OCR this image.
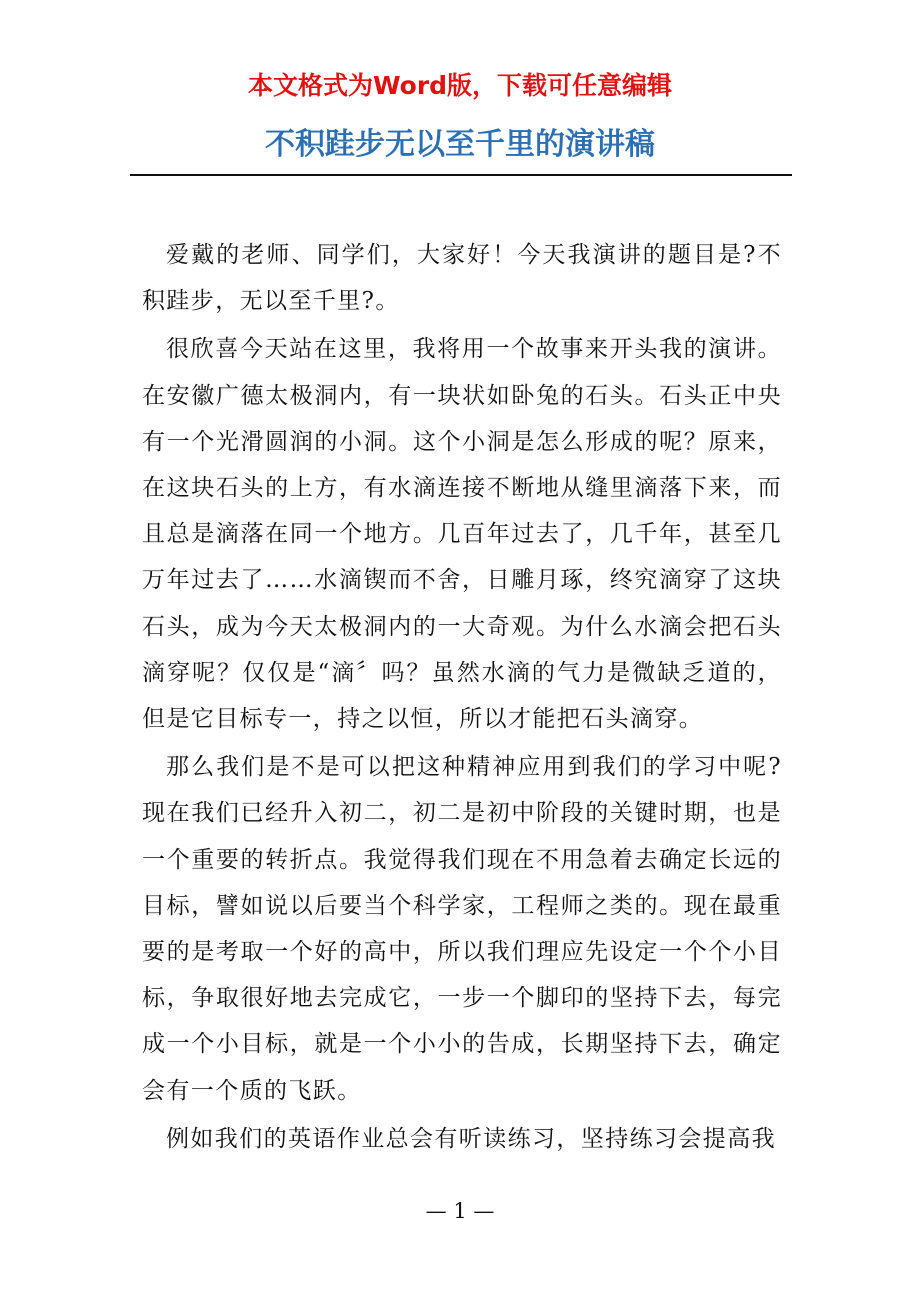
本文格式为Word版，下载可任意编辑
不积跬步无以至千里的演讲稿

爱戴的老师、同学们，大家好！今天我演讲的题目是?不积跬步，无以至千里?。

很欣喜今天站在这里，我将用一个故事来开头我的演讲。在安徽广德太极洞内，有一块状如卧兔的石头。石头正中央有一个光滑圆润的小洞。这个小洞是怎么形成的呢？原来，在这块石头的上方，有水滴连接不断地从缝里滴落下来，而且总是滴落在同一个地方。几百年过去了，几千年，甚至几万年过去了……水滴锲而不舍，日雕月琢，终究滴穿了这块石头，成为今天太极洞内的一大奇观。为什么水滴会把石头滴穿呢？仅仅是“滴〞吗？虽然水滴的气力是微缺乏道的，但是它目标专一，持之以恒，所以才能把石头滴穿。

那么我们是不是可以把这种精神应用到我们的学习中呢?现在我们已经升入初二，初二是初中阶段的关键时期，也是一个重要的转折点。我觉得我们现在不用急着去确定长远的目标，譬如说以后要当个科学家，工程师之类的。现在最重要的是考取一个好的高中，所以我们理应先设定一个个小目标，争取很好地去完成它，一步一个脚印的坚持下去，每完成一个小目标，就是一个小小的告成，长期坚持下去，确定会有一个质的飞跃。

例如我们的英语作业总会有听读练习，坚持练习会提高我

— 1 —
